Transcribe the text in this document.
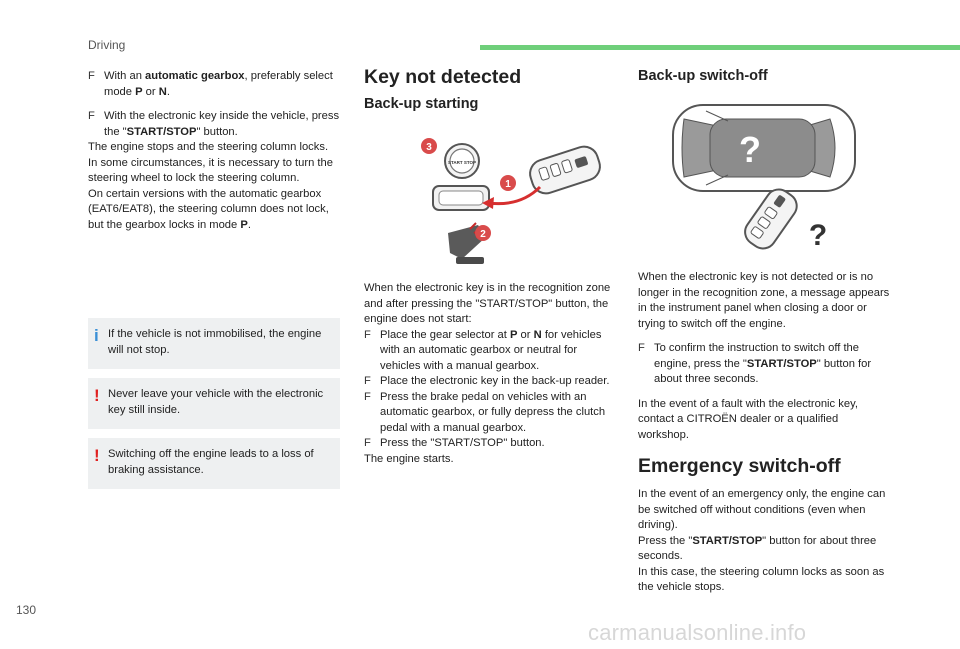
Driving
F With an automatic gearbox, preferably select mode P or N.
F With the electronic key inside the vehicle, press the "START/STOP" button.

The engine stops and the steering column locks.

In some circumstances, it is necessary to turn the steering wheel to lock the steering column.

On certain versions with the automatic gearbox (EAT6/EAT8), the steering column does not lock, but the gearbox locks in mode P.

i If the vehicle is not immobilised, the engine will not stop.

! Never leave your vehicle with the electronic key still inside.

! Switching off the engine leads to a loss of braking assistance.

Key not detected
Back-up starting
START STOP
3
1
2

When the electronic key is in the recognition zone and after pressing the "START/STOP" button, the engine does not start:

F Place the gear selector at P or N for vehicles with an automatic gearbox or neutral for vehicles with a manual gearbox.
F Place the electronic key in the back-up reader.
F Press the brake pedal on vehicles with an automatic gearbox, or fully depress the clutch pedal with a manual gearbox.
F Press the "START/STOP" button.

The engine starts.

Back-up switch-off
?
?

When the electronic key is not detected or is no longer in the recognition zone, a message appears in the instrument panel when closing a door or trying to switch off the engine.

F To confirm the instruction to switch off the engine, press the "START/STOP" button for about three seconds.

In the event of a fault with the electronic key, contact a CITROËN dealer or a qualified workshop.

Emergency switch-off

In the event of an emergency only, the engine can be switched off without conditions (even when driving).

Press the "START/STOP" button for about three seconds.

In this case, the steering column locks as soon as the vehicle stops.

130
carmanualsonline.info
